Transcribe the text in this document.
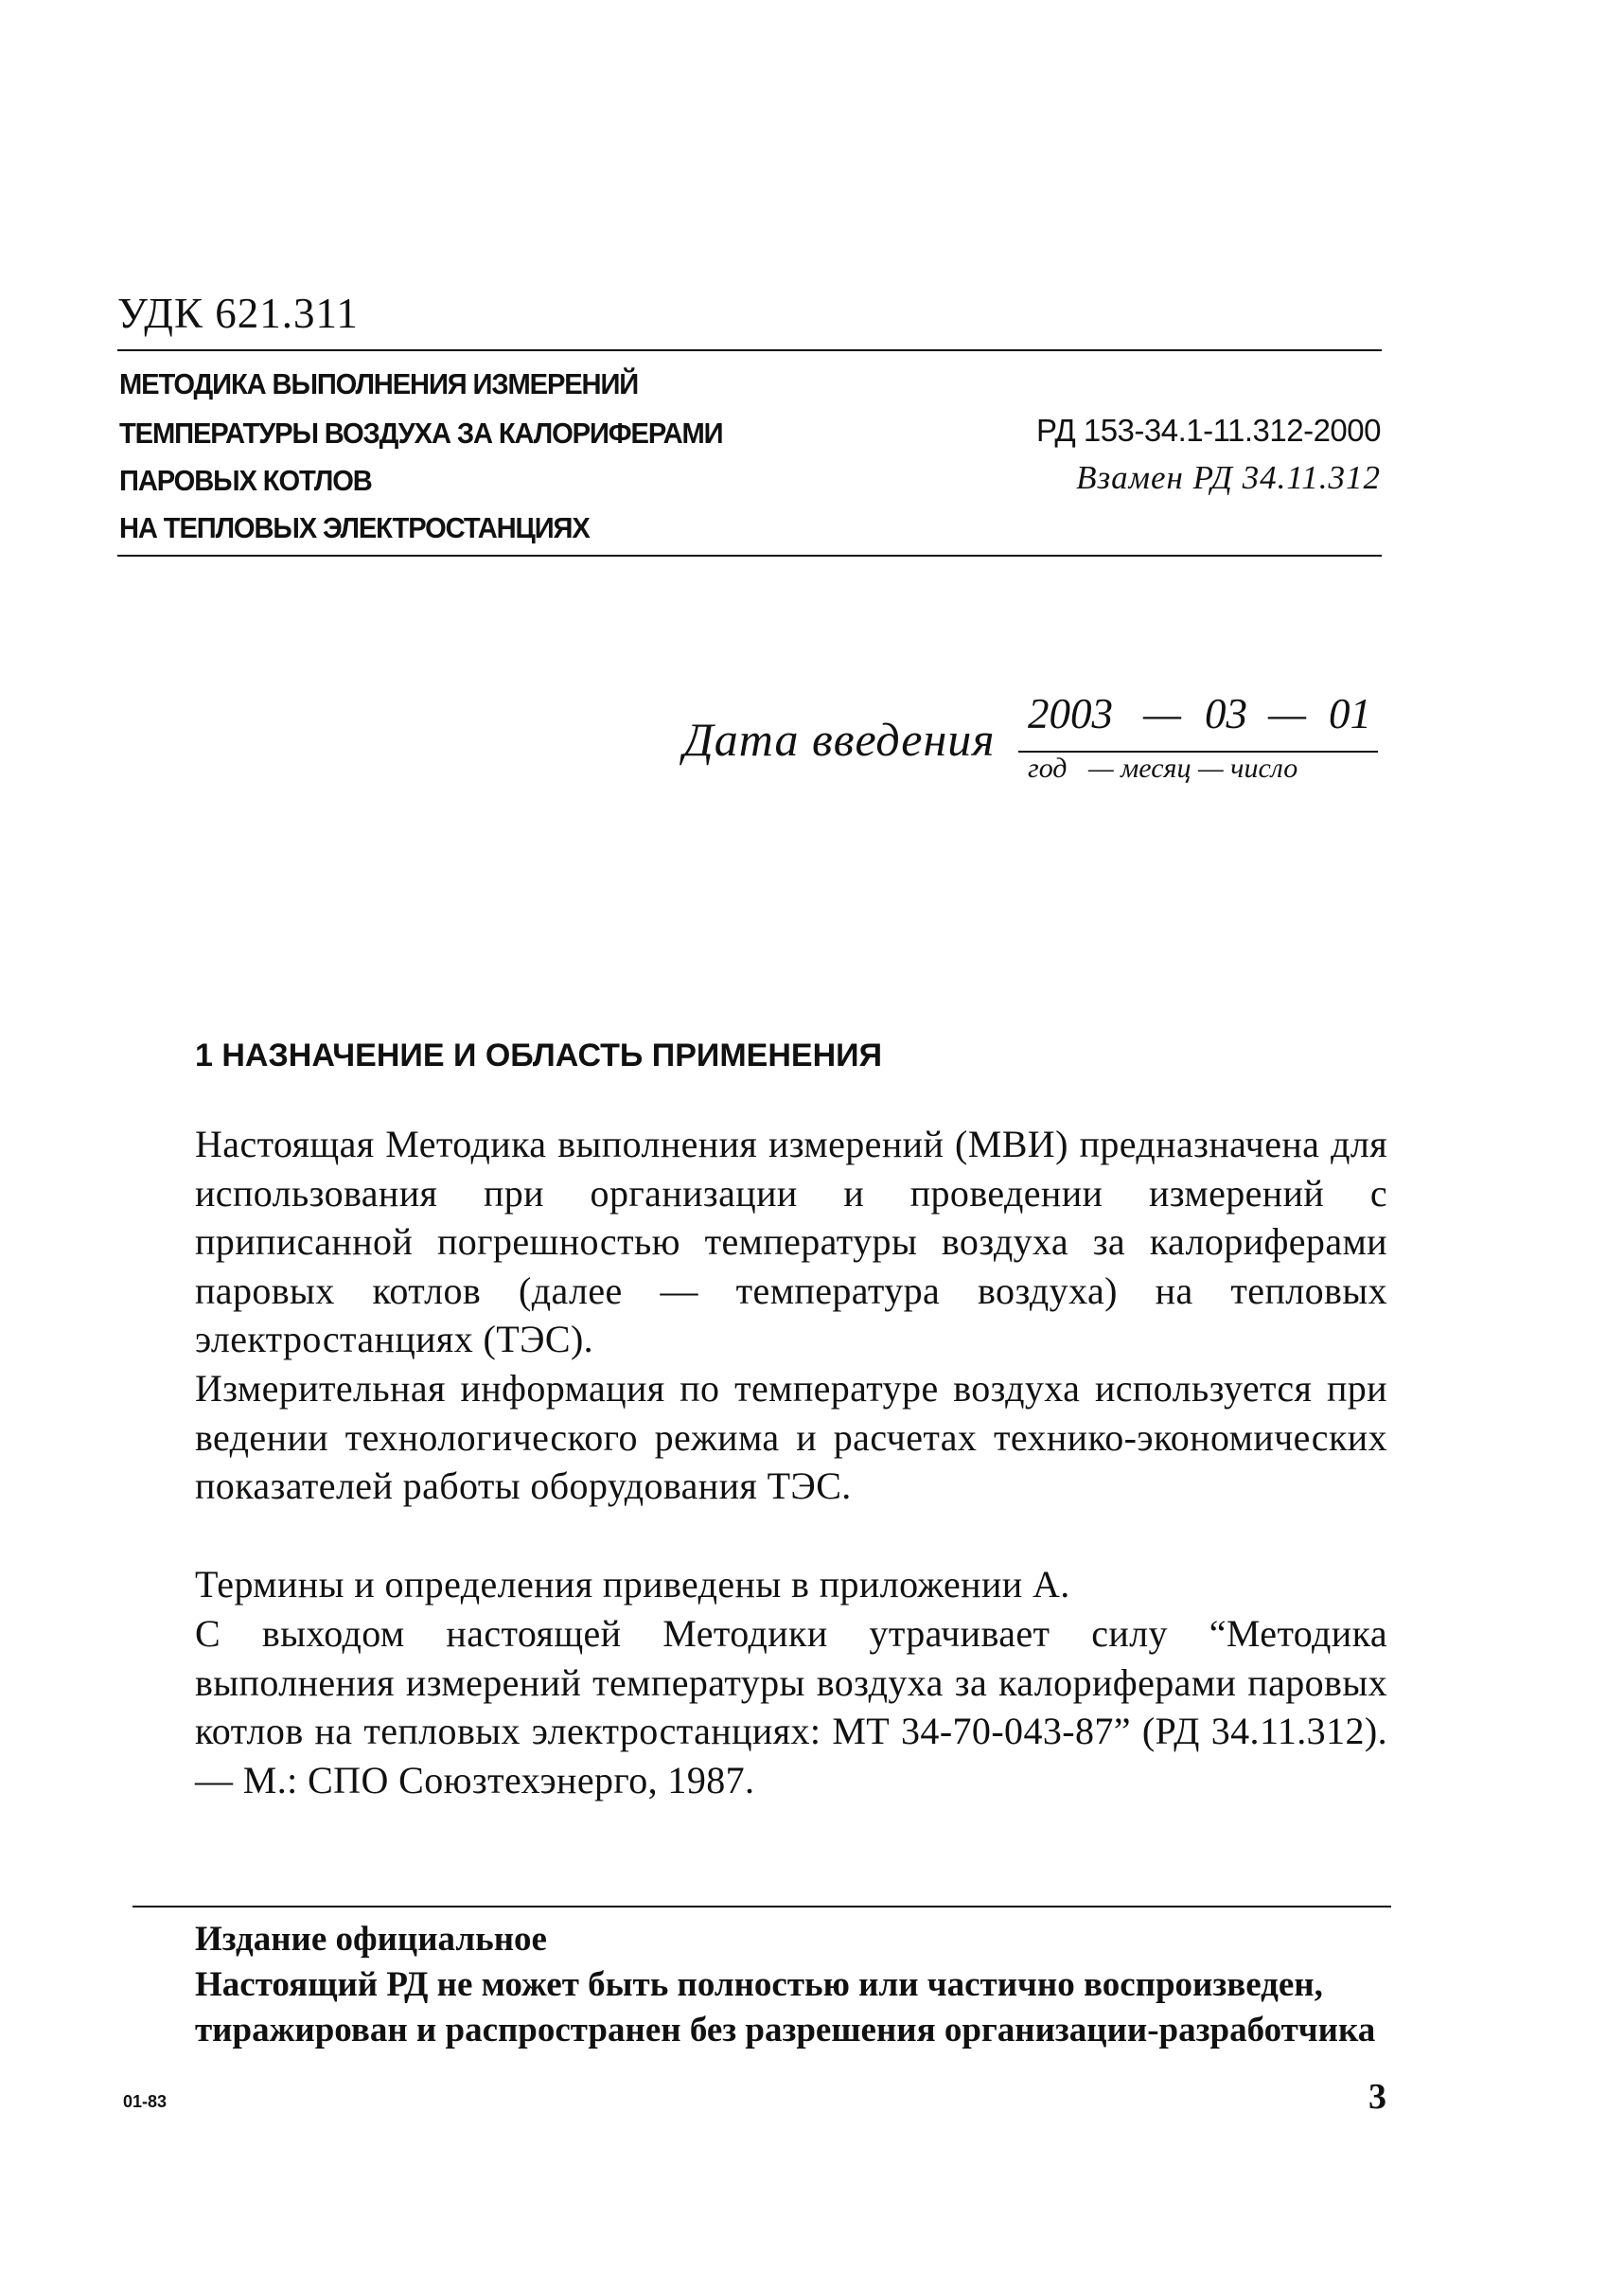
УДК 621.311
МЕТОДИКА ВЫПОЛНЕНИЯ ИЗМЕРЕНИЙ
ТЕМПЕРАТУРЫ ВОЗДУХА ЗА КАЛОРИФЕРАМИ
ПАРОВЫХ КОТЛОВ
НА ТЕПЛОВЫХ ЭЛЕКТРОСТАНЦИЯХ
РД 153-34.1-11.312-2000
Взамен РД 34.11.312
Дата введения 2003 — 03 — 01
год   — месяц — число
1 НАЗНАЧЕНИЕ И ОБЛАСТЬ ПРИМЕНЕНИЯ
Настоящая Методика выполнения измерений (МВИ) предназначена для использования при организации и проведении измерений с приписанной погрешностью температуры воздуха за калориферами паровых котлов (далее — температура воздуха) на тепловых электростанциях (ТЭС).
Измерительная информация по температуре воздуха используется при ведении технологического режима и расчетах технико-экономических показателей работы оборудования ТЭС.
Термины и определения приведены в приложении А.
С выходом настоящей Методики утрачивает силу “Методика выполнения измерений температуры воздуха за калориферами паровых котлов на тепловых электростанциях: МТ 34-70-043-87” (РД 34.11.312).— М.: СПО Союзтехэнерго, 1987.
Издание официальное
Настоящий РД не может быть полностью или частично воспроизведен, тиражирован и распространен без разрешения организации-разработчика
01-83	3
